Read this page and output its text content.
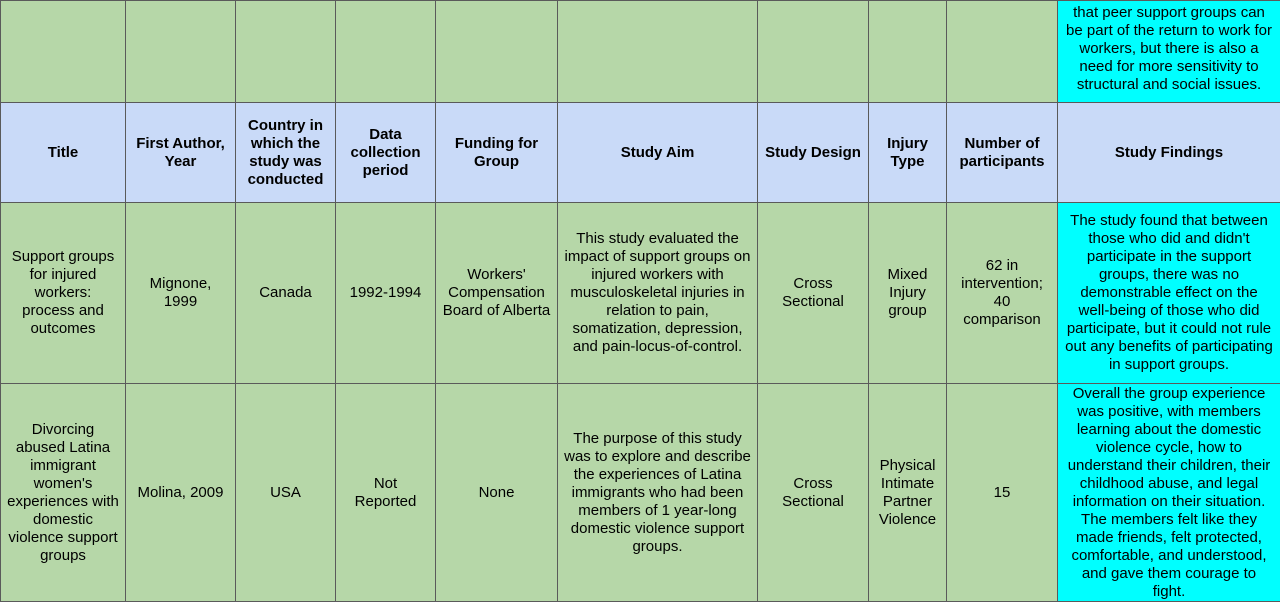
									that peer support groups can be part of the return to work for workers, but there is also a need for more sensitivity to structural and social issues.
Title	First Author, Year	Country in which the study was conducted	Data collection period	Funding for Group	Study Aim	Study Design	Injury Type	Number of participants	Study Findings
Support groups for injured workers: process and outcomes	Mignone, 1999	Canada	1992-1994	Workers' Compensation Board of Alberta	This study evaluated the impact of support groups on injured workers with musculoskeletal injuries in relation to pain, somatization, depression, and pain-locus-of-control.	Cross Sectional	Mixed Injury group	62 in intervention; 40 comparison	The study found that between those who did and didn't participate in the support groups, there was no demonstrable effect on the well-being of those who did participate, but it could not rule out any benefits of participating in support groups.
Divorcing abused Latina immigrant women's experiences with domestic violence support groups	Molina, 2009	USA	Not Reported	None	The purpose of this study was to explore and describe the experiences of Latina immigrants who had been members of 1 year-long domestic violence support groups.	Cross Sectional	Physical Intimate Partner Violence	15	Overall the group experience was positive, with members learning about the domestic violence cycle, how to understand their children, their childhood abuse, and legal information on their situation. The members felt like they made friends, felt protected, comfortable, and understood, and gave them courage to fight.
